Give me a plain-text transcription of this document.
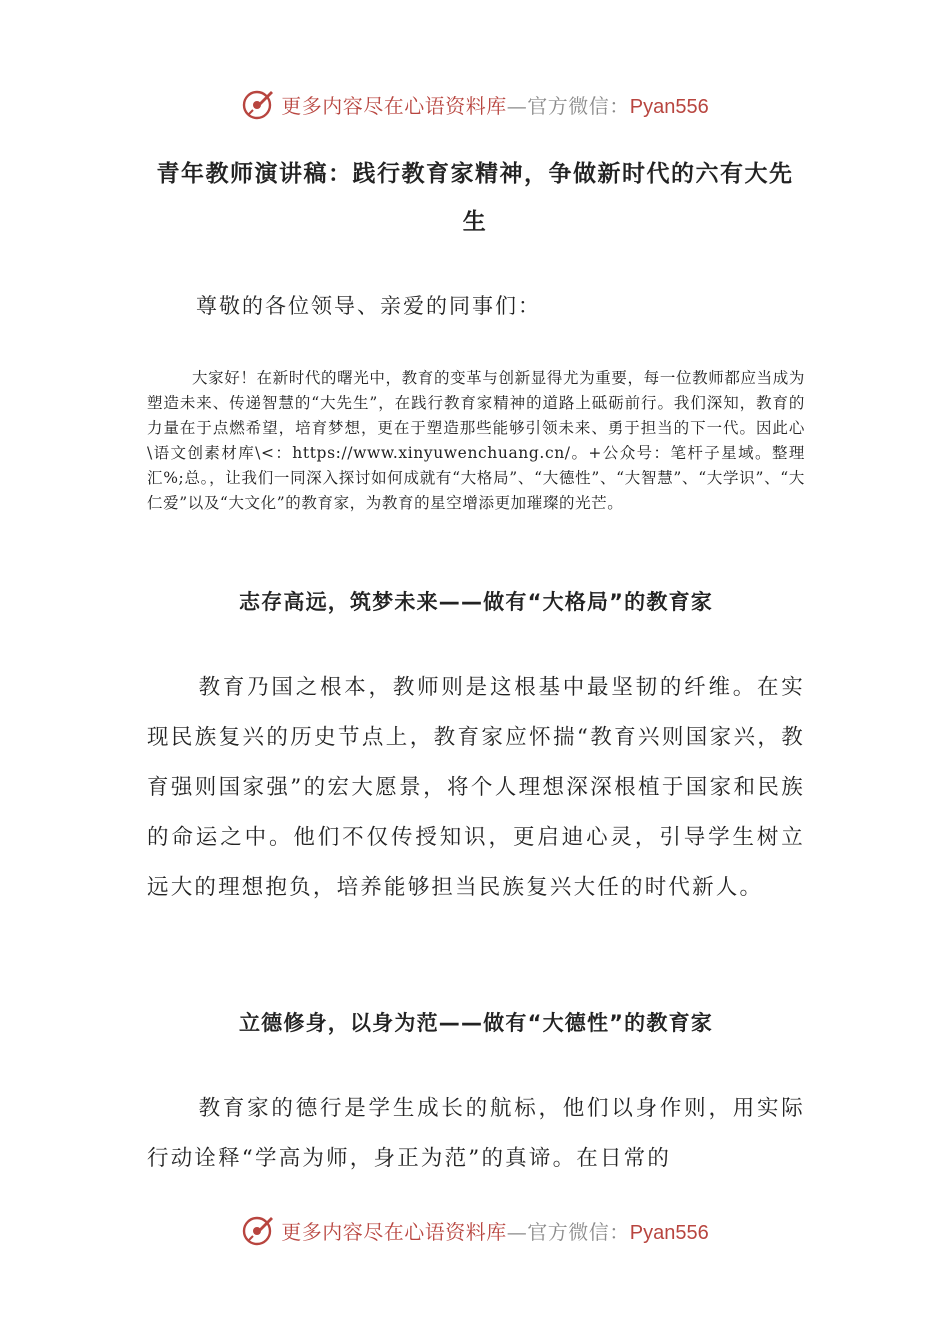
更多内容尽在心语资料库—官方微信：Pyan556
青年教师演讲稿：践行教育家精神，争做新时代的六有大先生

尊敬的各位领导、亲爱的同事们：

大家好！在新时代的曙光中，教育的变革与创新显得尤为重要，每一位教师都应当成为塑造未来、传递智慧的“大先生”，在践行教育家精神的道路上砥砺前行。我们深知，教育的力量在于点燃希望，培育梦想，更在于塑造那些能够引领未来、勇于担当的下一代。因此心\语文创素材库\<：https://www.xinyuwenchuang.cn/。+公众号：笔杆子星域。整理汇%;总。，让我们一同深入探讨如何成就有“大格局”、“大德性”、“大智慧”、“大学识”、“大仁爱”以及“大文化”的教育家，为教育的星空增添更加璀璨的光芒。

志存高远，筑梦未来——做有“大格局”的教育家

教育乃国之根本，教师则是这根基中最坚韧的纤维。在实现民族复兴的历史节点上，教育家应怀揣“教育兴则国家兴，教育强则国家强”的宏大愿景，将个人理想深深根植于国家和民族的命运之中。他们不仅传授知识，更启迪心灵，引导学生树立远大的理想抱负，培养能够担当民族复兴大任的时代新人。

立德修身，以身为范——做有“大德性”的教育家

教育家的德行是学生成长的航标，他们以身作则，用实际行动诠释“学高为师，身正为范”的真谛。在日常的

更多内容尽在心语资料库—官方微信：Pyan556
